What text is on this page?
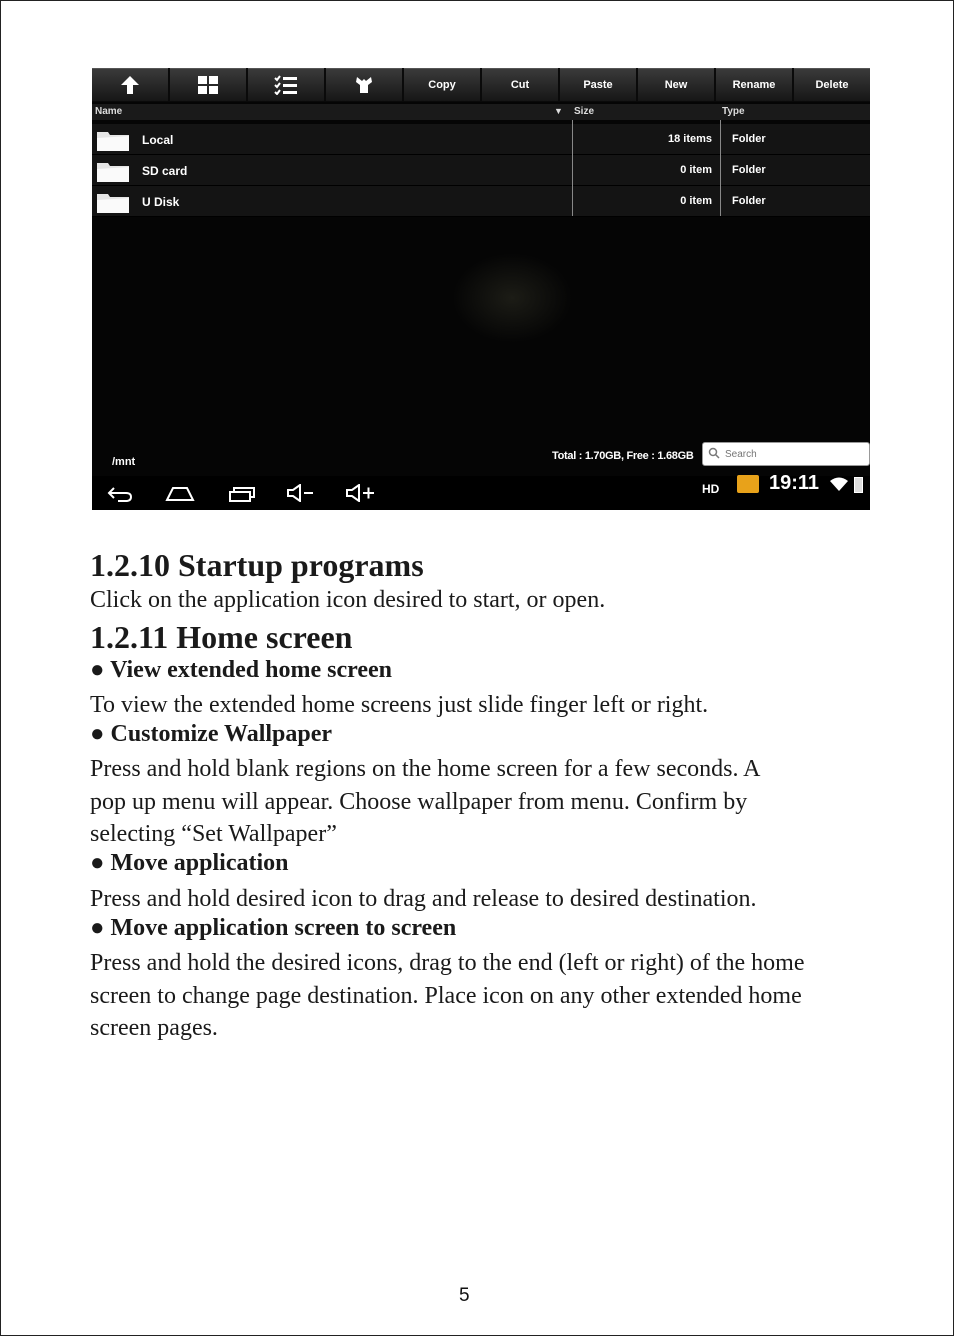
Copy	Cut	Paste	New	Rename	Delete
Name	▼ Size	Type
Local	18 items Folder
SD card	0 item Folder
U Disk	0 item Folder
/mnt	Total : 1.70GB, Free : 1.68GB
Search
HD 19:11
1.2.10 Startup programs
Click on the application icon desired to start, or open.
1.2.11 Home screen
● View extended home screen
To view the extended home screens just slide finger left or right.
● Customize Wallpaper
Press and hold blank regions on the home screen for a few seconds. A
pop up menu will appear. Choose wallpaper from menu. Confirm by
selecting “Set Wallpaper”
● Move application
Press and hold desired icon to drag and release to desired destination.
● Move application screen to screen
Press and hold the desired icons, drag to the end (left or right) of the home
screen to change page destination. Place icon on any other extended home
screen pages.
5
